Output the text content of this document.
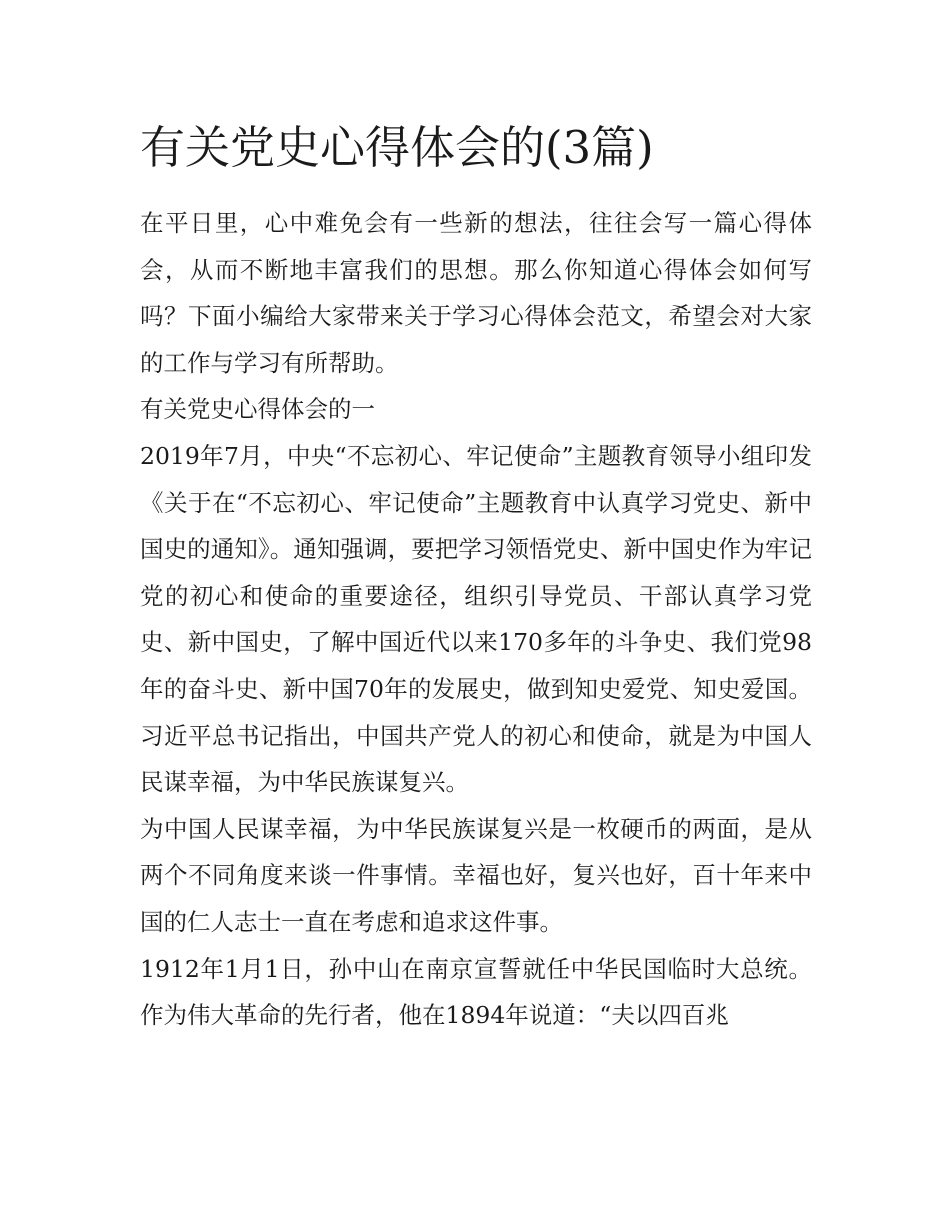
有关党史心得体会的(3篇)

在平日里，心中难免会有一些新的想法，往往会写一篇心得体会，从而不断地丰富我们的思想。那么你知道心得体会如何写吗？下面小编给大家带来关于学习心得体会范文，希望会对大家的工作与学习有所帮助。

有关党史心得体会的一

2019年7月，中央“不忘初心、牢记使命”主题教育领导小组印发《关于在“不忘初心、牢记使命”主题教育中认真学习党史、新中国史的通知》。通知强调，要把学习领悟党史、新中国史作为牢记党的初心和使命的重要途径，组织引导党员、干部认真学习党史、新中国史，了解中国近代以来170多年的斗争史、我们党98年的奋斗史、新中国70年的发展史，做到知史爱党、知史爱国。习近平总书记指出，中国共产党人的初心和使命，就是为中国人民谋幸福，为中华民族谋复兴。

为中国人民谋幸福，为中华民族谋复兴是一枚硬币的两面，是从两个不同角度来谈一件事情。幸福也好，复兴也好，百十年来中国的仁人志士一直在考虑和追求这件事。

1912年1月1日，孙中山在南京宣誓就任中华民国临时大总统。作为伟大革命的先行者，他在1894年说道：“夫以四百兆
